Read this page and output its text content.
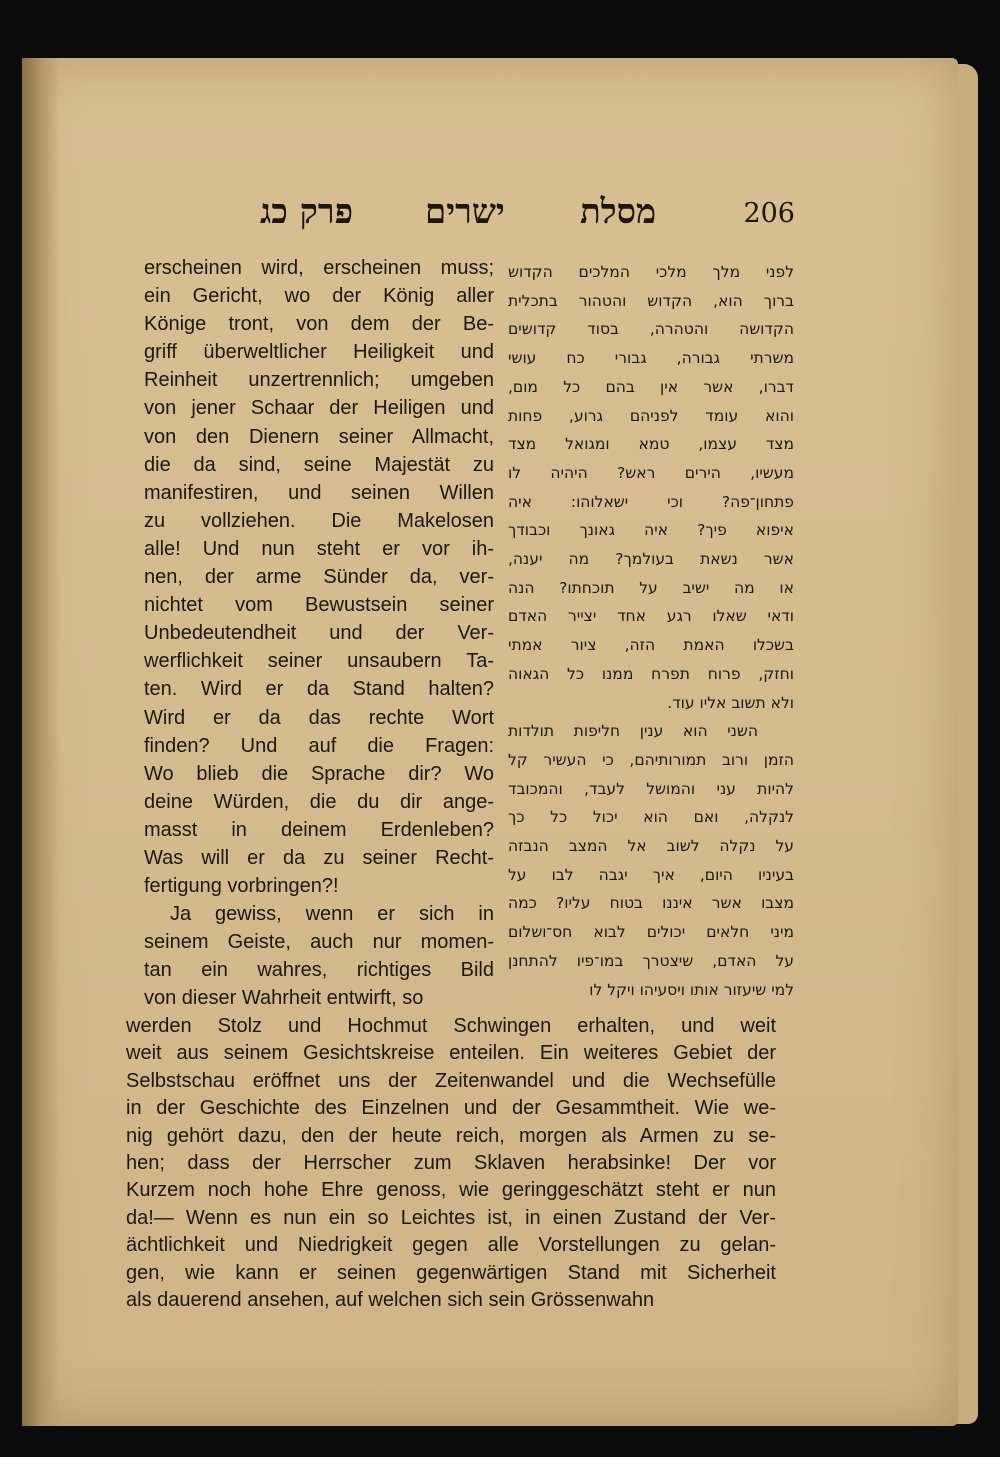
פרק כג ישרים מסלת	206
erscheinen wird, erscheinen muss;
ein Gericht, wo der König aller
Könige tront, von dem der Be-
griff überweltlicher Heiligkeit und
Reinheit unzertrennlich; umgeben
von jener Schaar der Heiligen und
von den Dienern seiner Allmacht,
die da sind, seine Majestät zu
manifestiren, und seinen Willen
zu vollziehen. Die Makelosen
alle! Und nun steht er vor ih-
nen, der arme Sünder da, ver-
nichtet vom Bewustsein seiner
Unbedeutendheit und der Ver-
werflichkeit seiner unsaubern Ta-
ten. Wird er da Stand halten?
Wird er da das rechte Wort
finden? Und auf die Fragen:
Wo blieb die Sprache dir? Wo
deine Würden, die du dir ange-
masst in deinem Erdenleben?
Was will er da zu seiner Recht-
fertigung vorbringen?!
Ja gewiss, wenn er sich in
seinem Geiste, auch nur momen-
tan ein wahres, richtiges Bild
von dieser Wahrheit entwirft, so
לפני מלך מלכי המלכים הקדוש
ברוך הוא, הקדוש והטהור בתכלית
הקדושה והטהרה, בסוד קדושים
משרתי גבורה, גבורי כח עושי
דברו, אשר אין בהם כל מום,
והוא עומד לפניהם גרוע, פחות
מצד עצמו, טמא ומגואל מצד
מעשיו, הירים ראש? היהיה לו
פתחון־פה? וכי ישאלוהו: איה
איפוא פיך? איה גאונך וכבודך
אשר נשאת בעולמך? מה יענה,
או מה ישיב על תוכחתו? הנה
ודאי שאלו רגע אחד יצייר האדם
בשכלו האמת הזה, ציור אמתי
וחזק, פרוח תפרח ממנו כל הגאוה
ולא תשוב אליו עוד.
השני הוא ענין חליפות תולדות
הזמן ורוב תמורותיהם, כי העשיר קל
להיות עני והמושל לעבד, והמכובד
לנקלה, ואם הוא יכול כל כך
על נקלה לשוב אל המצב הנבזה
בעיניו היום, איך יגבה לבו על
מצבו אשר איננו בטוח עליו? כמה
מיני חלאים יכולים לבוא חס־ושלום
על האדם, שיצטרך במו־פיו להתחנן
למי שיעזור אותו ויסעיהו ויקל לו
werden Stolz und Hochmut Schwingen erhalten, und weit
weit aus seinem Gesichtskreise enteilen. Ein weiteres Gebiet der
Selbstschau eröffnet uns der Zeitenwandel und die Wechsefülle
in der Geschichte des Einzelnen und der Gesammtheit. Wie we-
nig gehört dazu, den der heute reich, morgen als Armen zu se-
hen; dass der Herrscher zum Sklaven herabsinke! Der vor
Kurzem noch hohe Ehre genoss, wie geringgeschätzt steht er nun
da!— Wenn es nun ein so Leichtes ist, in einen Zustand der Ver-
ächtlichkeit und Niedrigkeit gegen alle Vorstellungen zu gelan-
gen, wie kann er seinen gegenwärtigen Stand mit Sicherheit
als dauerend ansehen, auf welchen sich sein Grössenwahn
